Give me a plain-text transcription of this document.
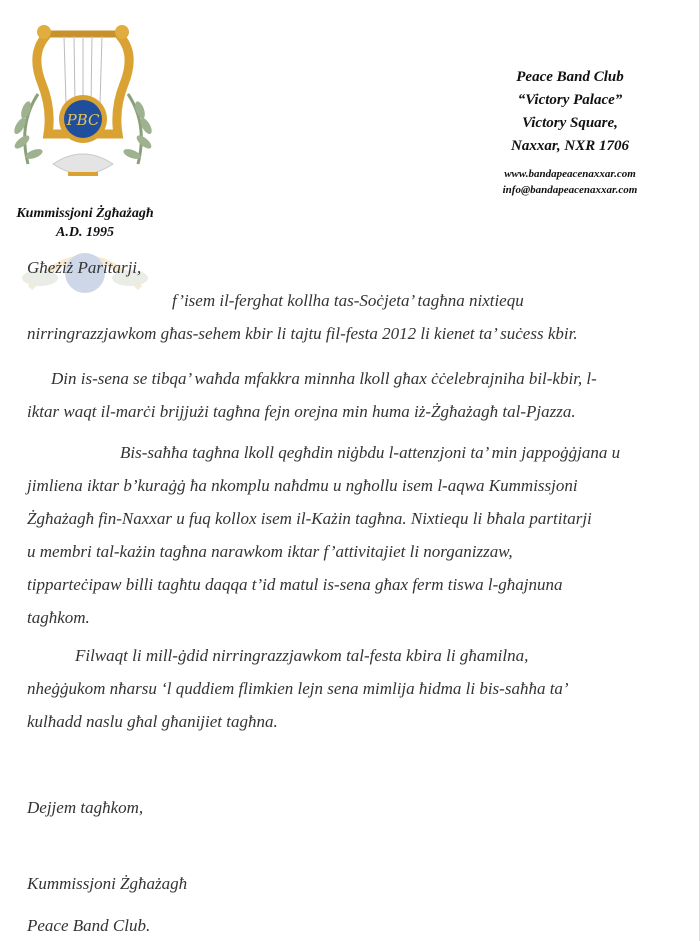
PBC
Kummissjoni Żgħażagħ
A.D. 1995
Peace Band Club
“Victory Palace”
Victory Square,
Naxxar, NXR 1706
www.bandapeacenaxxar.com
info@bandapeacenaxxar.com
Għeżiż Paritarji,
f’isem il-ferghat kollha tas-Soċjeta’ tagħna nixtiequ
nirringrazzjawkom għas-sehem kbir li tajtu fil-festa 2012 li kienet ta’ suċess kbir.
Din is-sena se tibqa’ waħda mfakkra minnha lkoll għax ċċelebrajniha bil-kbir, l-
iktar waqt il-marċi brijjużi tagħna fejn orejna min huma iż-Żgħażagħ tal-Pjazza.
Bis-saħħa tagħna lkoll qegħdin niġbdu l-attenzjoni ta’ min jappoġġjana u
jimliena iktar b’kuraġġ ħa nkomplu naħdmu u ngħollu isem l-aqwa Kummissjoni
Żgħażagħ fin-Naxxar u fuq kollox isem il-Każin tagħna. Nixtiequ li bħala partitarji
u membri tal-każin tagħna narawkom iktar f’attivitajiet li norganizzaw,
tipparteċipaw billi tagħtu daqqa t’id matul is-sena għax ferm tiswa l-għajnuna
tagħkom.
Filwaqt li mill-ġdid nirringrazzjawkom tal-festa kbira li għamilna,
nheġġukom nħarsu ‘l quddiem flimkien lejn sena mimlija ħidma li bis-saħħa ta’
kulħadd naslu għal għanijiet tagħna.
Dejjem tagħkom,
Kummissjoni Żgħażagħ
Peace Band Club.
